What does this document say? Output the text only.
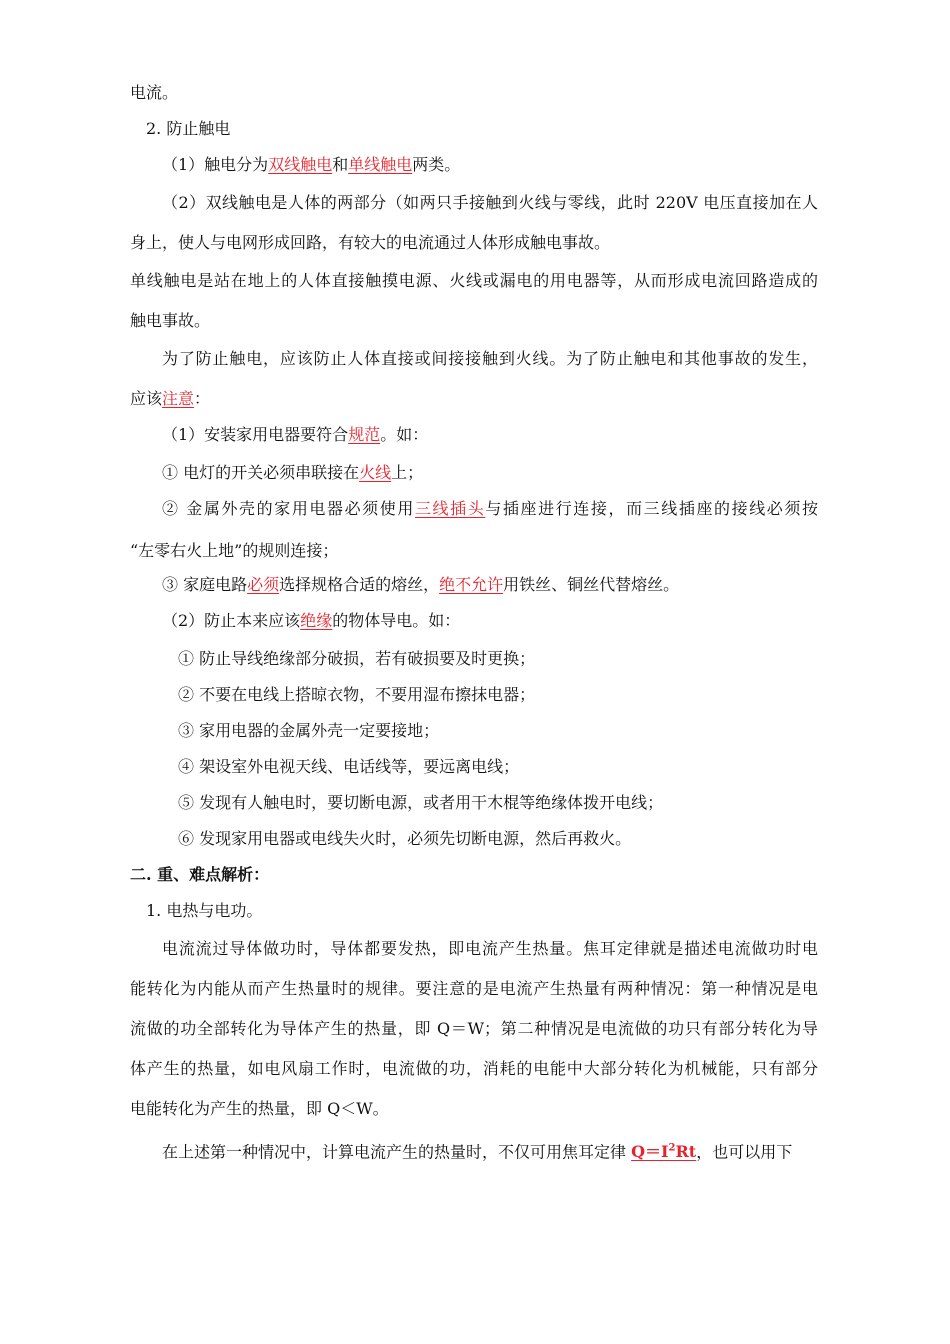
电流。
2. 防止触电
（1）触电分为双线触电和单线触电两类。
（2）双线触电是人体的两部分（如两只手接触到火线与零线，此时 220V 电压直接加在人
身上，使人与电网形成回路，有较大的电流通过人体形成触电事故。
单线触电是站在地上的人体直接触摸电源、火线或漏电的用电器等，从而形成电流回路造成的
触电事故。
为了防止触电，应该防止人体直接或间接接触到火线。为了防止触电和其他事故的发生，
应该注意：
（1）安装家用电器要符合规范。如：
① 电灯的开关必须串联接在火线上；
② 金属外壳的家用电器必须使用三线插头与插座进行连接，而三线插座的接线必须按
“左零右火上地”的规则连接；
③ 家庭电路必须选择规格合适的熔丝，绝不允许用铁丝、铜丝代替熔丝。
（2）防止本来应该绝缘的物体导电。如：
① 防止导线绝缘部分破损，若有破损要及时更换；
② 不要在电线上搭晾衣物，不要用湿布擦抹电器；
③ 家用电器的金属外壳一定要接地；
④ 架设室外电视天线、电话线等，要远离电线；
⑤ 发现有人触电时，要切断电源，或者用干木棍等绝缘体拨开电线；
⑥ 发现家用电器或电线失火时，必须先切断电源，然后再救火。
二. 重、难点解析：
1. 电热与电功。
电流流过导体做功时，导体都要发热，即电流产生热量。焦耳定律就是描述电流做功时电
能转化为内能从而产生热量时的规律。要注意的是电流产生热量有两种情况：第一种情况是电
流做的功全部转化为导体产生的热量，即 Q＝W；第二种情况是电流做的功只有部分转化为导
体产生的热量，如电风扇工作时，电流做的功，消耗的电能中大部分转化为机械能，只有部分
电能转化为产生的热量，即 Q＜W。
在上述第一种情况中，计算电流产生的热量时，不仅可用焦耳定律 $Q=I^2Rt$，也可以用下
